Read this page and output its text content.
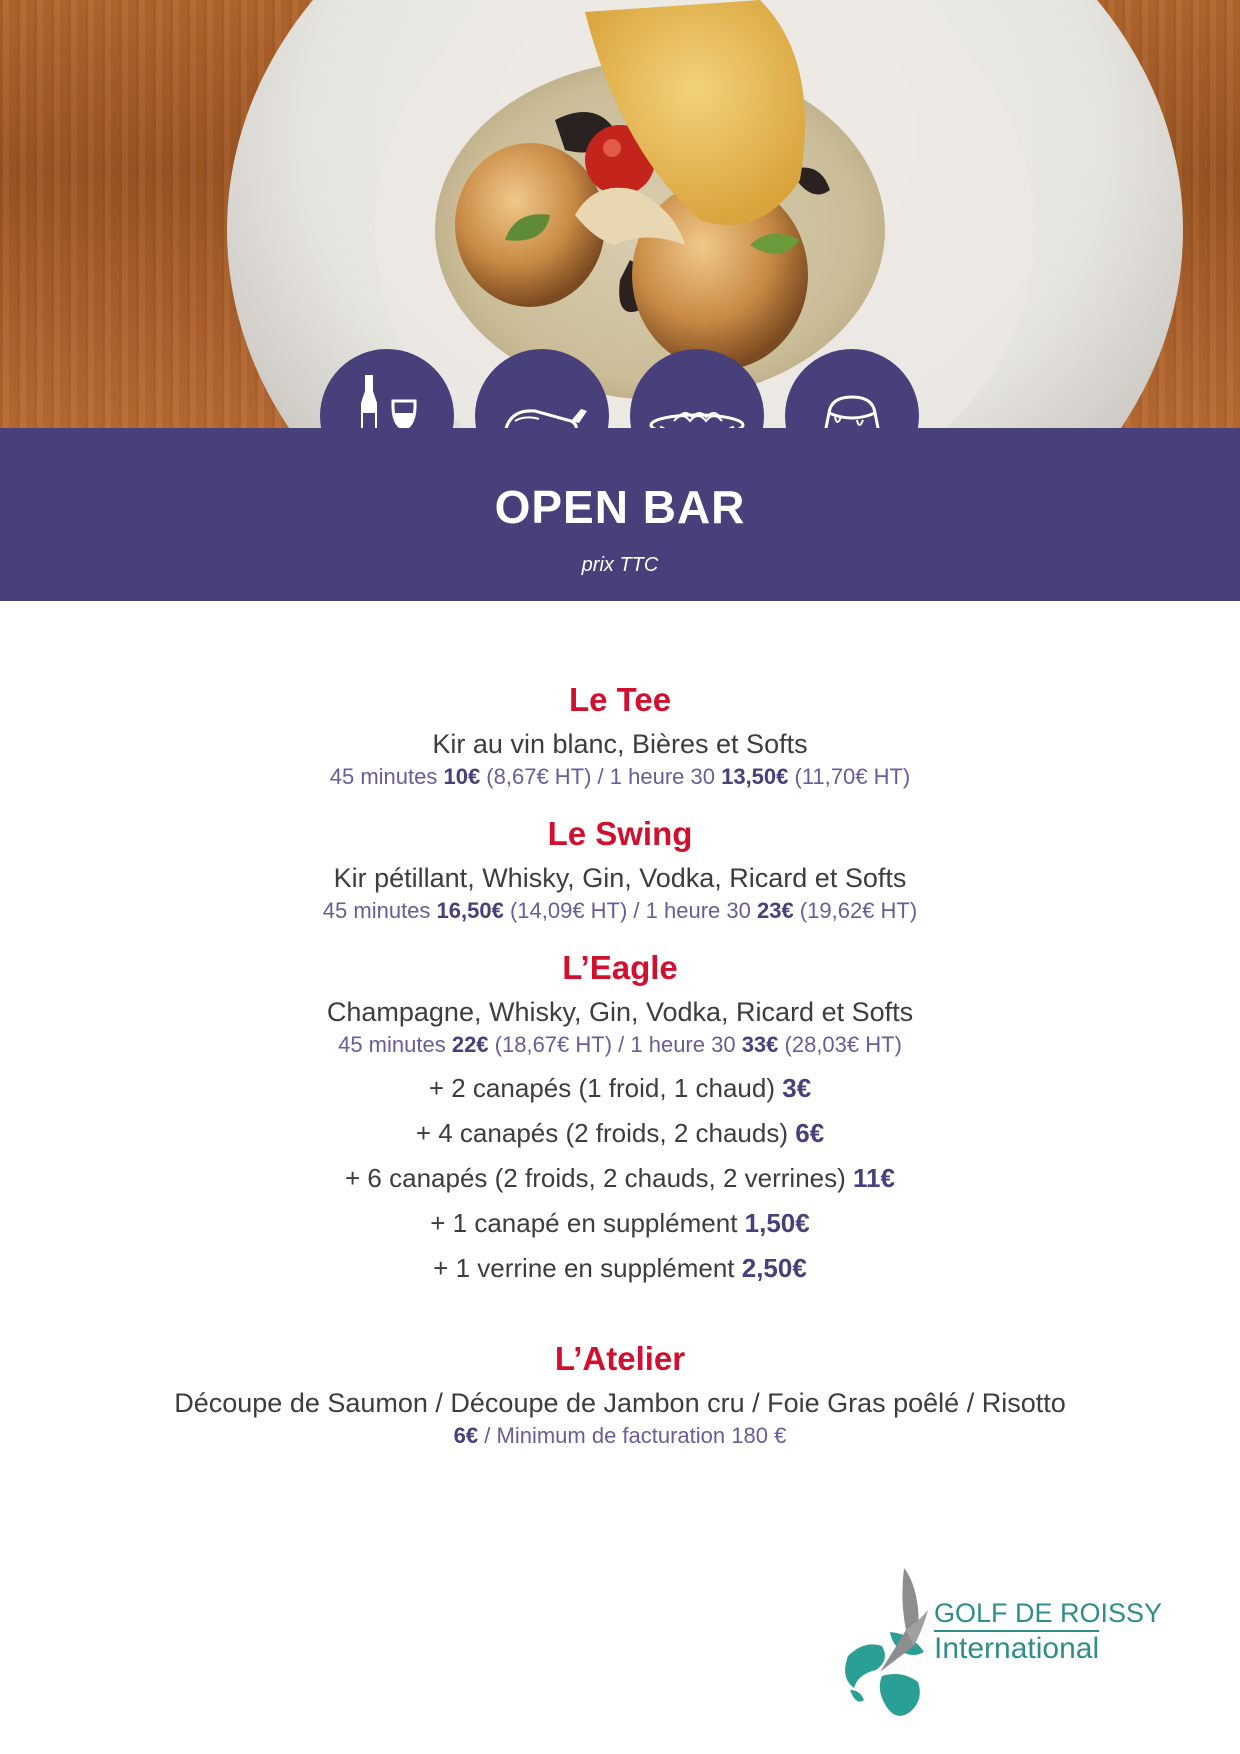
OPEN BAR
prix TTC
Le Tee
Kir au vin blanc, Bières et Softs
45 minutes 10€ (8,67€ HT) / 1 heure 30 13,50€ (11,70€ HT)
Le Swing
Kir pétillant, Whisky, Gin, Vodka, Ricard et Softs
45 minutes 16,50€ (14,09€ HT) / 1 heure 30 23€ (19,62€ HT)
L’Eagle
Champagne, Whisky, Gin, Vodka, Ricard et Softs
45 minutes 22€ (18,67€ HT) / 1 heure 30 33€ (28,03€ HT)
+ 2 canapés (1 froid, 1 chaud) 3€
+ 4 canapés (2 froids, 2 chauds) 6€
+ 6 canapés (2 froids, 2 chauds, 2 verrines) 11€
+ 1 canapé en supplément 1,50€
+ 1 verrine en supplément 2,50€
L’Atelier
Découpe de Saumon / Découpe de Jambon cru / Foie Gras poêlé / Risotto
6€ / Minimum de facturation 180 €
GOLF DE ROISSY
International
